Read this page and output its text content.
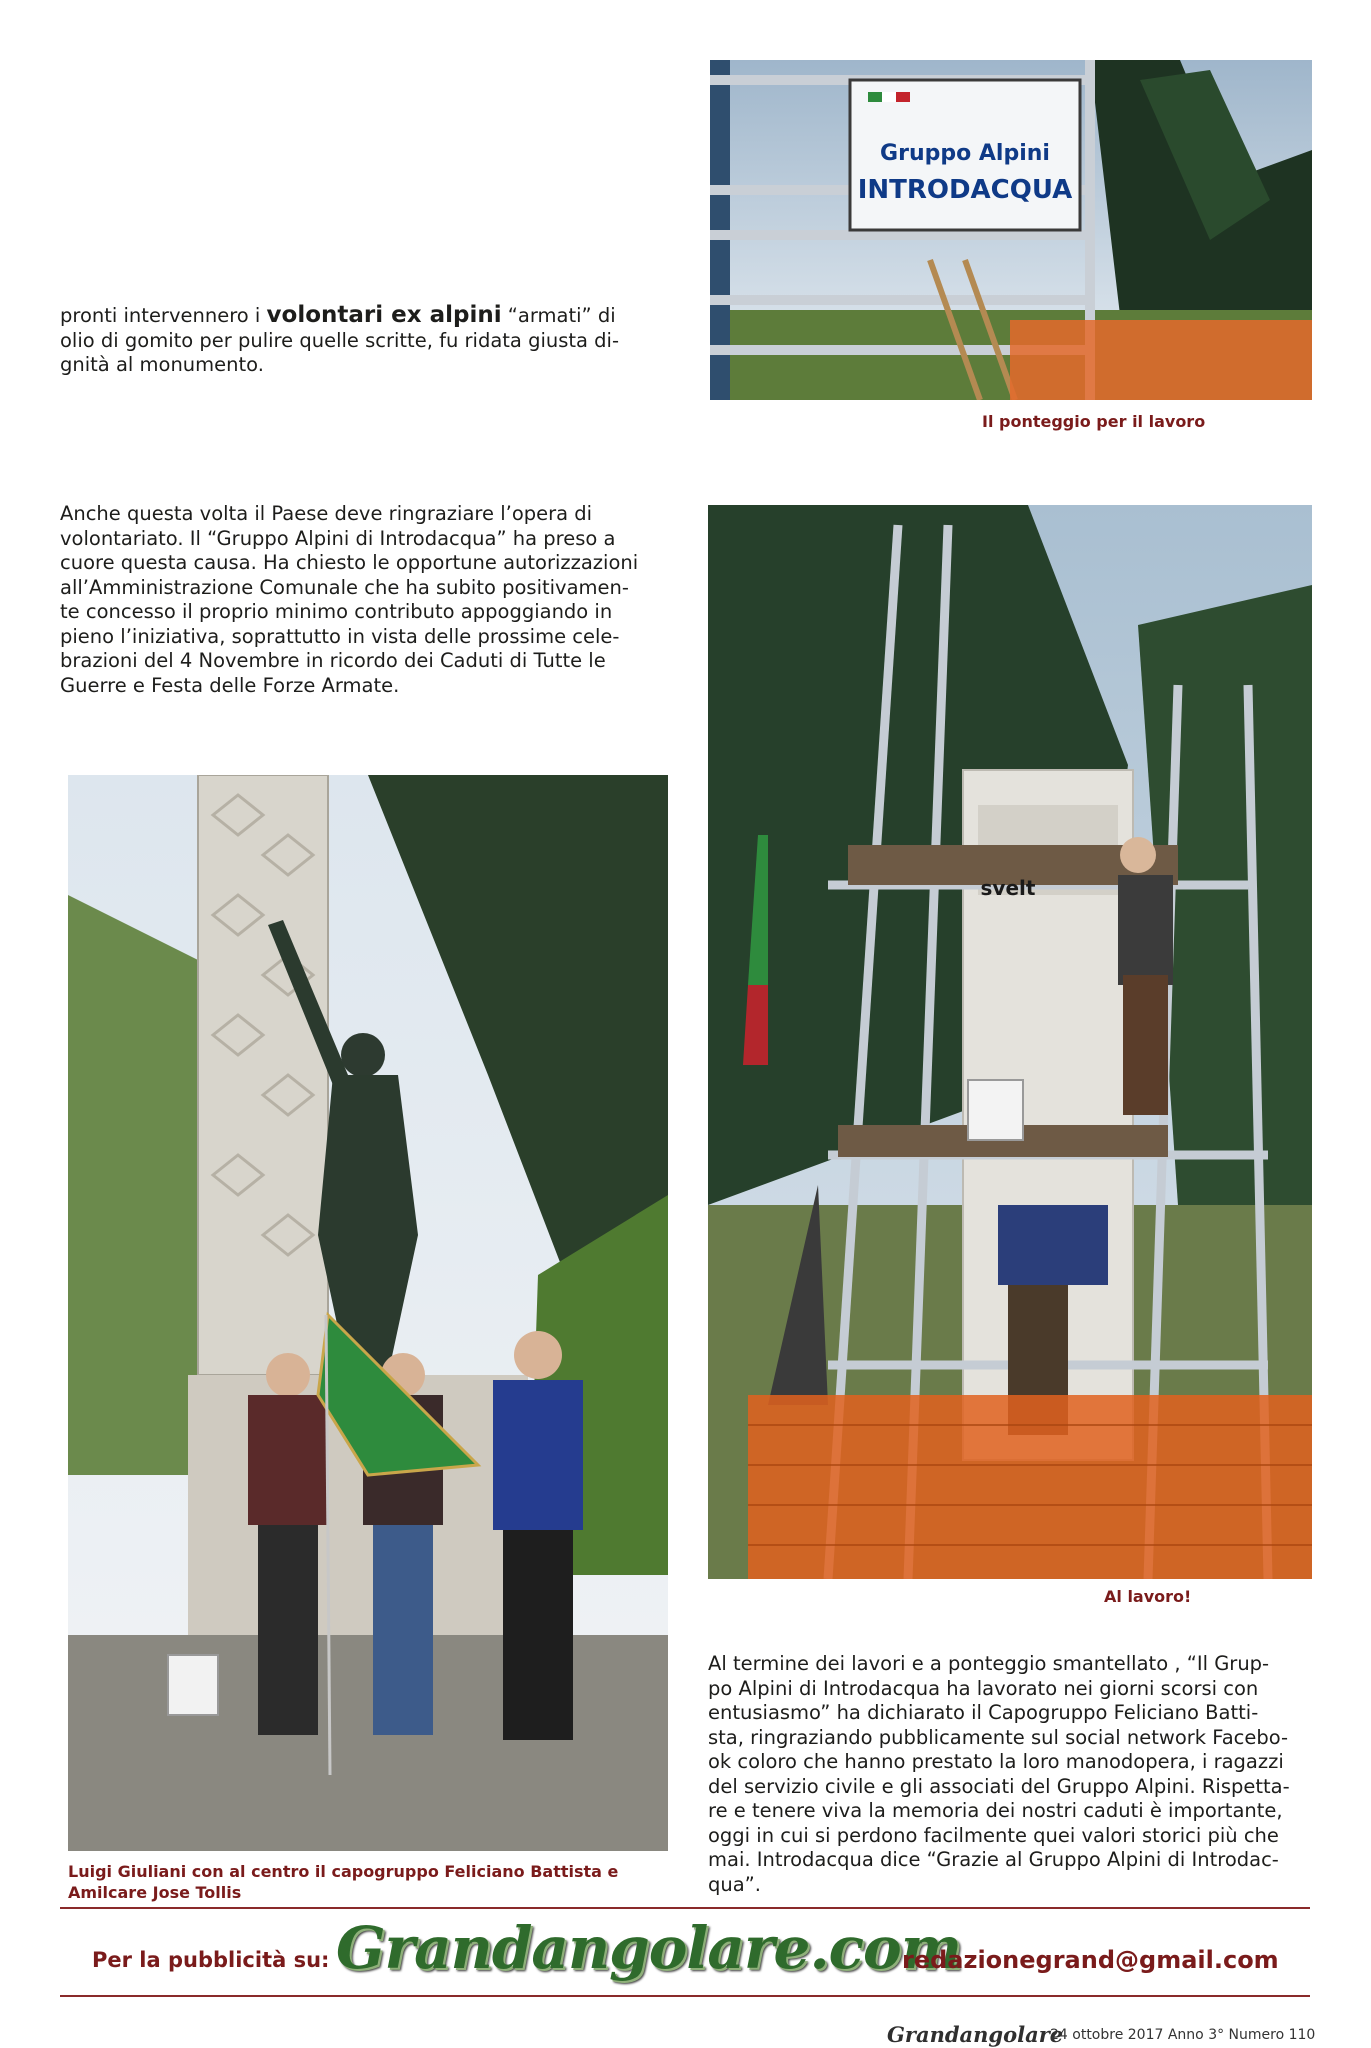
pronti intervennero i volontari ex alpini “armati” di
olio di gomito per pulire quelle scritte, fu ridata giusta di-
gnità al monumento.
Anche questa volta il Paese deve ringraziare l’opera di
volontariato. Il “Gruppo Alpini di Introdacqua” ha preso a
cuore questa causa. Ha chiesto le opportune autorizzazioni
all’Amministrazione Comunale che ha subito positivamen-
te concesso il proprio minimo contributo appoggiando in
pieno l’iniziativa, soprattutto in vista delle prossime cele-
brazioni del 4 Novembre in ricordo dei Caduti di Tutte le
Guerre e Festa delle Forze Armate.
Gruppo Alpini
INTRODACQUA
Il ponteggio per il lavoro
svelt
Al lavoro!
Luigi Giuliani con al centro il capogruppo Feliciano Battista e
Amilcare Jose Tollis
Al termine dei lavori e a ponteggio smantellato , “Il Grup-
po Alpini di Introdacqua ha lavorato nei giorni scorsi con
entusiasmo” ha dichiarato il Capogruppo Feliciano Batti-
sta, ringraziando pubblicamente sul social network Facebo-
ok coloro che hanno prestato la loro manodopera, i ragazzi
del servizio civile e gli associati del Gruppo Alpini. Rispetta-
re e tenere viva la memoria dei nostri caduti è importante,
oggi in cui si perdono facilmente quei valori storici più che
mai. Introdacqua dice “Grazie al Gruppo Alpini di Introdac-
qua”.
Per la pubblicità su: Grandangolare.com
redazionegrand@gmail.com
Grandangolare
24 ottobre 2017 Anno 3° Numero 110
